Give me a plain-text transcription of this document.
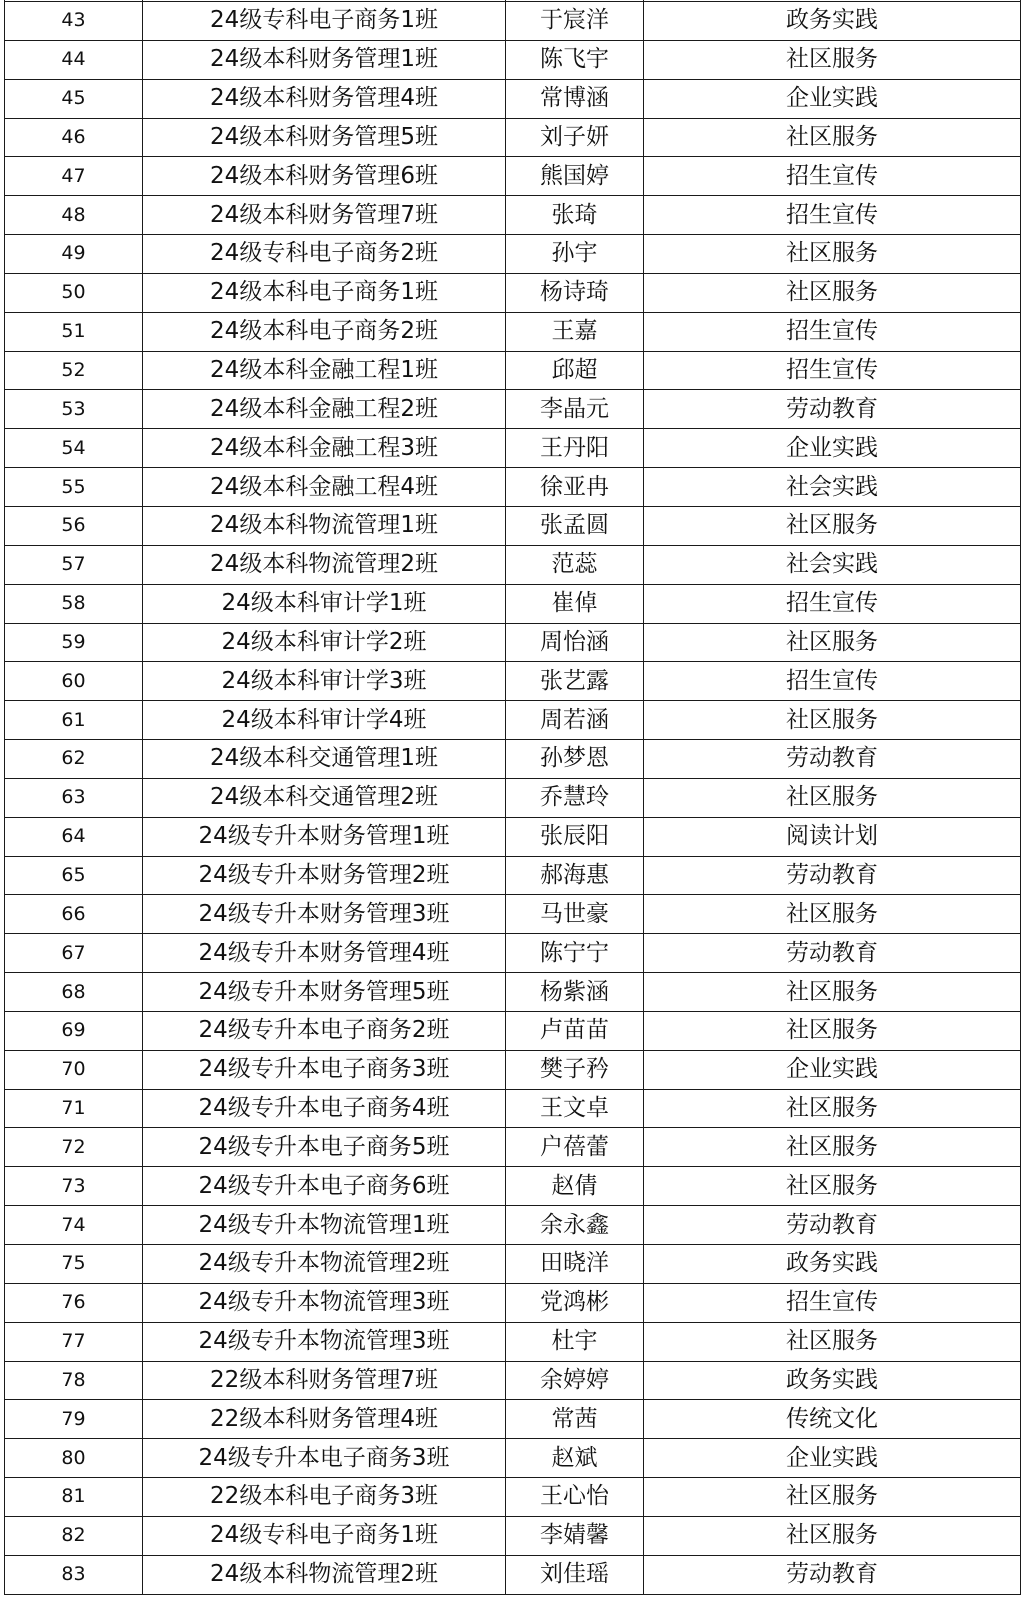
43	24级专科电子商务1班	于宸洋	政务实践
44	24级本科财务管理1班	陈飞宇	社区服务
45	24级本科财务管理4班	常博涵	企业实践
46	24级本科财务管理5班	刘子妍	社区服务
47	24级本科财务管理6班	熊国婷	招生宣传
48	24级本科财务管理7班	张琦	招生宣传
49	24级专科电子商务2班	孙宇	社区服务
50	24级本科电子商务1班	杨诗琦	社区服务
51	24级本科电子商务2班	王嘉	招生宣传
52	24级本科金融工程1班	邱超	招生宣传
53	24级本科金融工程2班	李晶元	劳动教育
54	24级本科金融工程3班	王丹阳	企业实践
55	24级本科金融工程4班	徐亚冉	社会实践
56	24级本科物流管理1班	张孟圆	社区服务
57	24级本科物流管理2班	范蕊	社会实践
58	24级本科审计学1班	崔倬	招生宣传
59	24级本科审计学2班	周怡涵	社区服务
60	24级本科审计学3班	张艺露	招生宣传
61	24级本科审计学4班	周若涵	社区服务
62	24级本科交通管理1班	孙梦恩	劳动教育
63	24级本科交通管理2班	乔慧玲	社区服务
64	24级专升本财务管理1班	张辰阳	阅读计划
65	24级专升本财务管理2班	郝海惠	劳动教育
66	24级专升本财务管理3班	马世豪	社区服务
67	24级专升本财务管理4班	陈宁宁	劳动教育
68	24级专升本财务管理5班	杨紫涵	社区服务
69	24级专升本电子商务2班	卢苗苗	社区服务
70	24级专升本电子商务3班	樊子矜	企业实践
71	24级专升本电子商务4班	王文卓	社区服务
72	24级专升本电子商务5班	户蓓蕾	社区服务
73	24级专升本电子商务6班	赵倩	社区服务
74	24级专升本物流管理1班	余永鑫	劳动教育
75	24级专升本物流管理2班	田晓洋	政务实践
76	24级专升本物流管理3班	党鸿彬	招生宣传
77	24级专升本物流管理3班	杜宇	社区服务
78	22级本科财务管理7班	余婷婷	政务实践
79	22级本科财务管理4班	常茜	传统文化
80	24级专升本电子商务3班	赵斌	企业实践
81	22级本科电子商务3班	王心怡	社区服务
82	24级专科电子商务1班	李婧馨	社区服务
83	24级本科物流管理2班	刘佳瑶	劳动教育
